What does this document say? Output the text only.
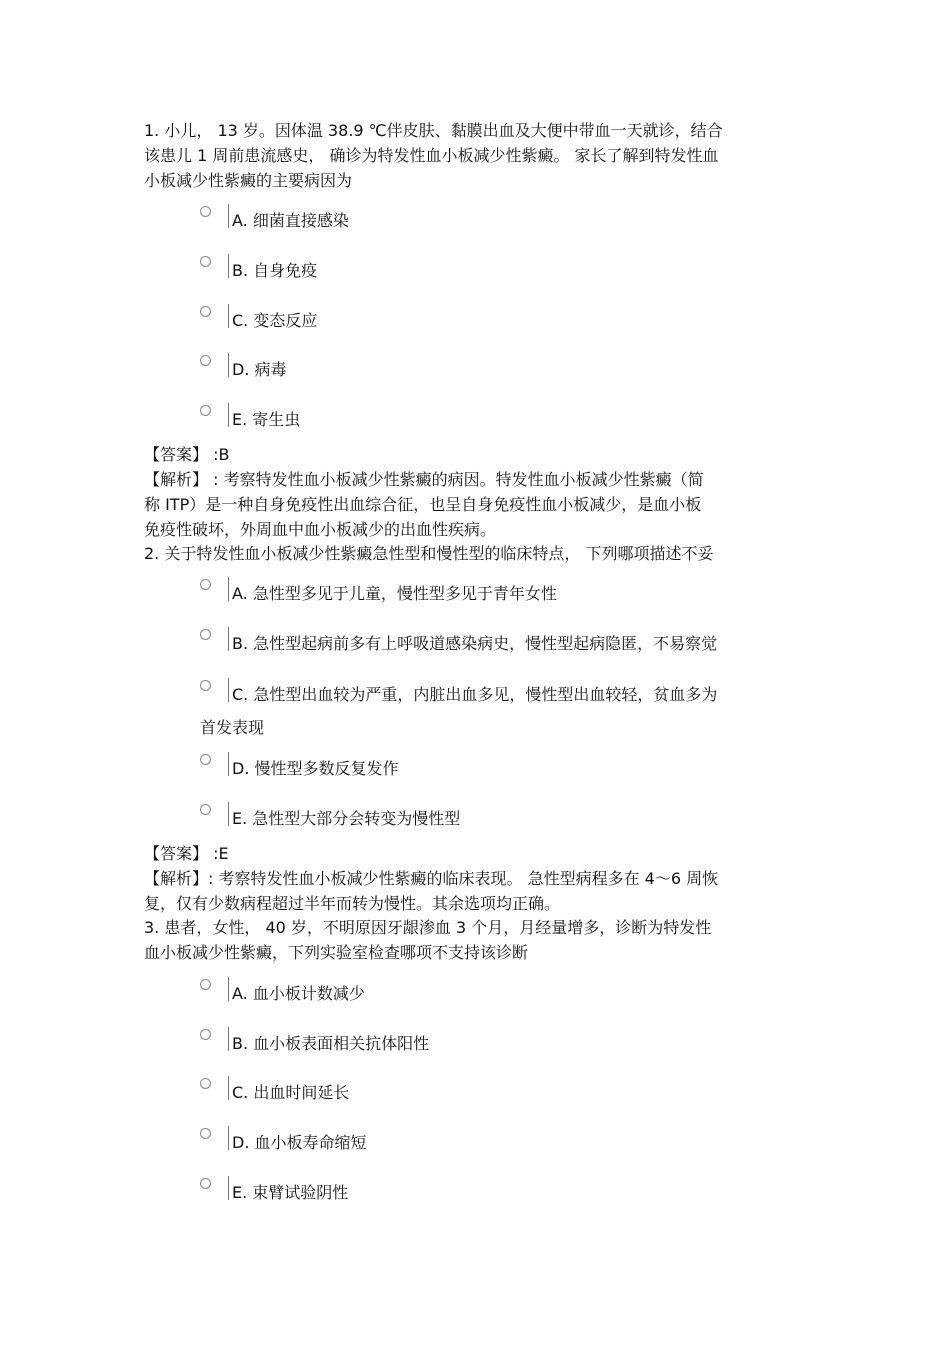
1. 小儿， 13 岁。因体温 38.9 ℃伴皮肤、黏膜出血及大便中带血一天就诊，结合

该患儿 1 周前患流感史， 确诊为特发性血小板减少性紫癜。 家长了解到特发性血

小板减少性紫癜的主要病因为

A. 细菌直接感染
B. 自身免疫
C. 变态反应
D. 病毒
E. 寄生虫
【答案】 :B

【解析】 : 考察特发性血小板减少性紫癜的病因。特发性血小板减少性紫癜（简

称 ITP）是一种自身免疫性出血综合征，也呈自身免疫性血小板减少，是血小板

免疫性破坏，外周血中血小板减少的出血性疾病。

2. 关于特发性血小板减少性紫癜急性型和慢性型的临床特点， 下列哪项描述不妥

A. 急性型多见于儿童，慢性型多见于青年女性
B. 急性型起病前多有上呼吸道感染病史，慢性型起病隐匿，不易察觉
C. 急性型出血较为严重，内脏出血多见，慢性型出血较轻，贫血多为
首发表现
D. 慢性型多数反复发作
E. 急性型大部分会转变为慢性型
【答案】 :E

【解析】: 考察特发性血小板减少性紫癜的临床表现。 急性型病程多在 4～6 周恢

复，仅有少数病程超过半年而转为慢性。其余选项均正确。

3. 患者，女性， 40 岁，不明原因牙龈渗血 3 个月，月经量增多，诊断为特发性

血小板减少性紫癜，下列实验室检查哪项不支持该诊断

A. 血小板计数减少
B. 血小板表面相关抗体阳性
C. 出血时间延长
D. 血小板寿命缩短
E. 束臂试验阴性
